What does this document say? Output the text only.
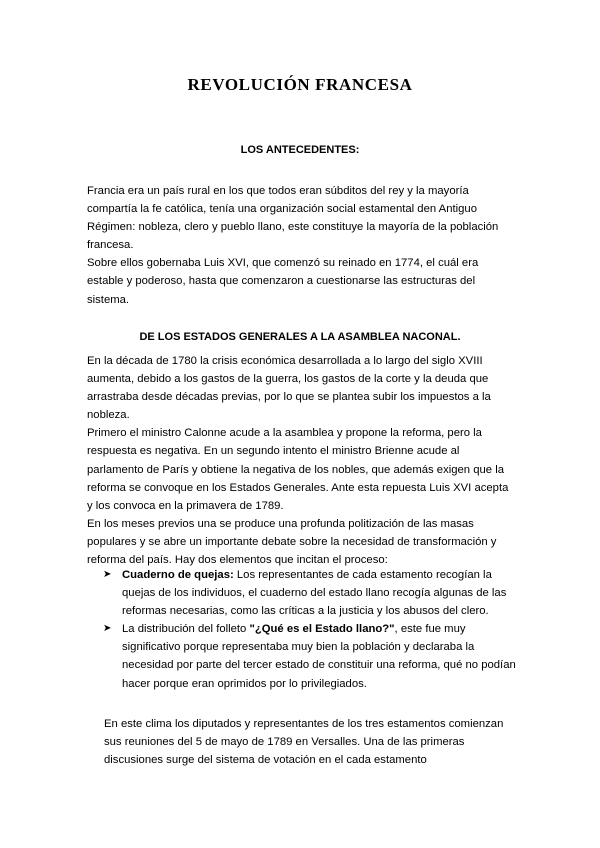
REVOLUCIÓN FRANCESA
LOS ANTECEDENTES:

Francia era un país rural en los que todos eran súbditos del rey y la mayoría compartía la fe católica, tenía una organización social estamental den Antiguo Régimen: nobleza, clero y pueblo llano, este constituye la mayoría de la población francesa.

Sobre ellos gobernaba Luis XVI, que comenzó su reinado en 1774, el cuál era estable y poderoso, hasta que comenzaron a cuestionarse las estructuras del sistema.

DE LOS ESTADOS GENERALES A LA ASAMBLEA NACONAL.

En la década de 1780 la crisis económica desarrollada a lo largo del siglo XVIII aumenta, debido a los gastos de la guerra, los gastos de la corte y la deuda que arrastraba desde décadas previas, por lo que se plantea subir los impuestos a la nobleza.

Primero el ministro Calonne acude a la asamblea y propone la reforma, pero la respuesta es negativa. En un segundo intento el ministro Brienne acude al parlamento de París y obtiene la negativa de los nobles, que además exigen que la reforma se convoque en los Estados Generales. Ante esta repuesta Luis XVI acepta y los convoca en la primavera de 1789.

En los meses previos una se produce una profunda politización de las masas populares y se abre un importante debate sobre la necesidad de transformación y reforma del país. Hay dos elementos que incitan el proceso:

➤ Cuaderno de quejas: Los representantes de cada estamento recogían la quejas de los individuos, el cuaderno del estado llano recogía algunas de las reformas necesarias, como las críticas a la justicia y los abusos del clero.
➤ La distribución del folleto "¿Qué es el Estado llano?", este fue muy significativo porque representaba muy bien la población y declaraba la necesidad por parte del tercer estado de constituir una reforma, qué no podían hacer porque eran oprimidos por lo privilegiados.
En este clima los diputados y representantes de los tres estamentos comienzan sus reuniones del 5 de mayo de 1789 en Versalles. Una de las primeras discusiones surge del sistema de votación en el cada estamento
